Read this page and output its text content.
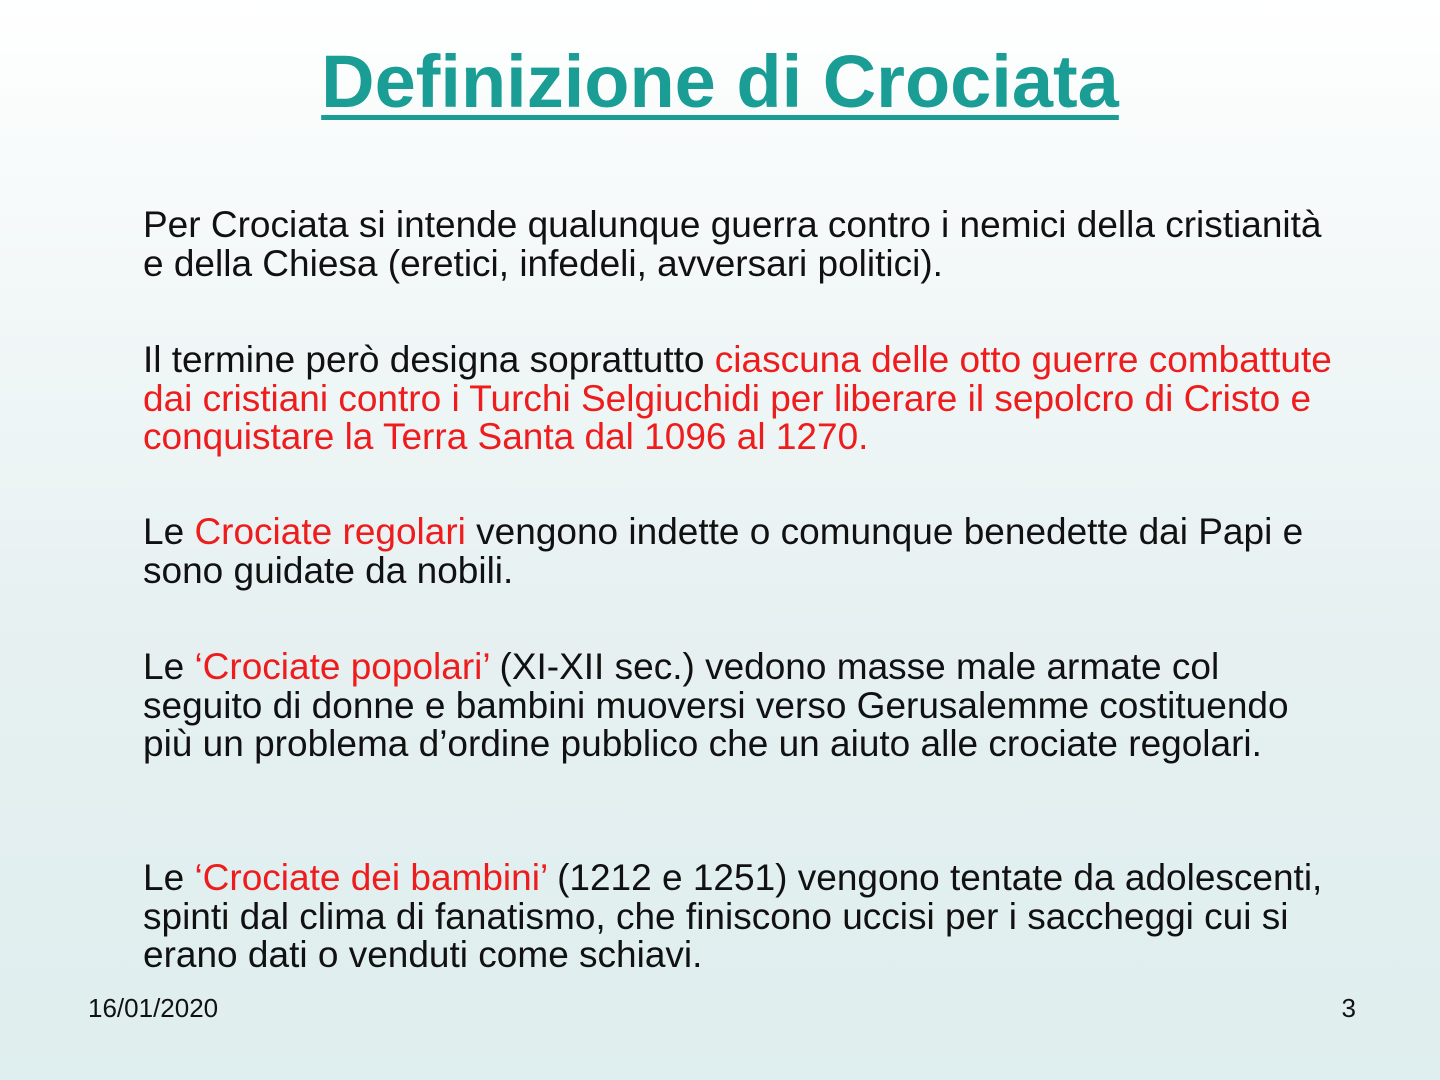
Definizione di Crociata

Per Crociata si intende qualunque guerra contro i nemici della cristianità e della Chiesa (eretici, infedeli, avversari politici).

Il termine però designa soprattutto ciascuna delle otto guerre combattute dai cristiani contro i Turchi Selgiuchidi per liberare il sepolcro di Cristo e conquistare la Terra Santa dal 1096 al 1270.

Le Crociate regolari vengono indette o comunque benedette dai Papi e sono guidate da nobili.

Le ‘Crociate popolari’ (XI-XII sec.) vedono masse male armate col seguito di donne e bambini muoversi verso Gerusalemme costituendo più un problema d’ordine pubblico che un aiuto alle crociate regolari.

Le ‘Crociate dei bambini’ (1212 e 1251) vengono tentate da adolescenti, spinti dal clima di fanatismo, che finiscono uccisi per i saccheggi cui si erano dati o venduti come schiavi.

16/01/2020	3
